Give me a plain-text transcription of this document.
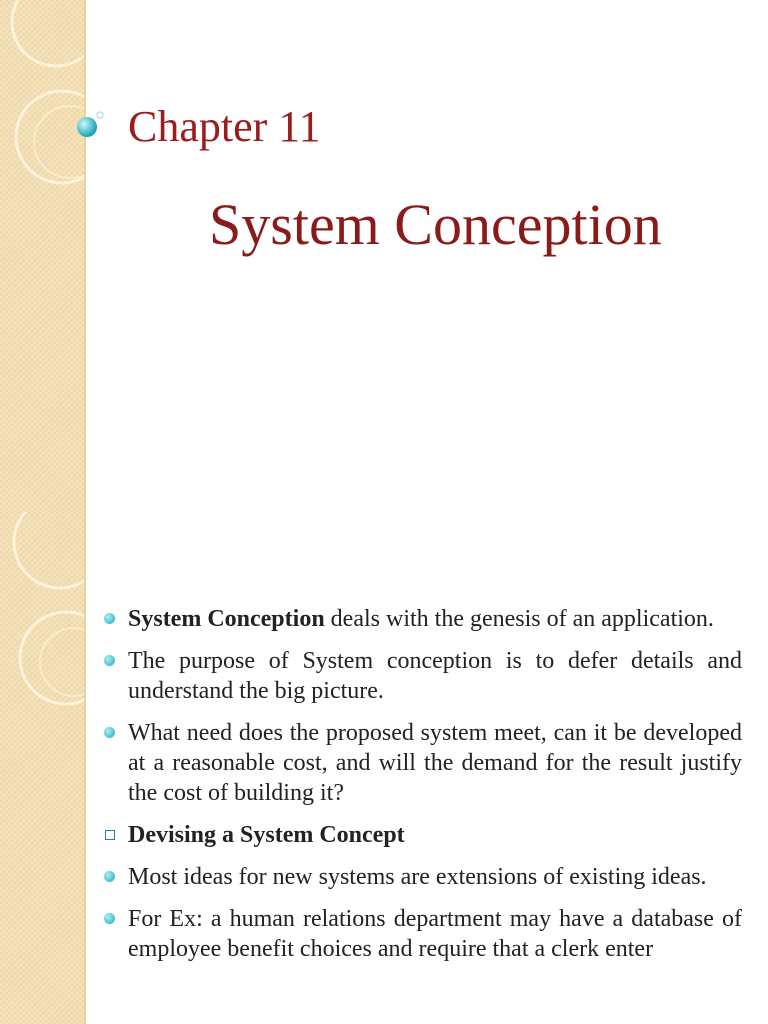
Chapter 11
System Conception
System Conception deals with the genesis of an application.
The purpose of System conception is to defer details and understand the big picture.
What need does the proposed system meet, can it be developed at a reasonable cost, and will the demand for the result justify the cost of building it?
Devising a System Concept
Most ideas for new systems are extensions of existing ideas.
For Ex: a human relations department may have a database of employee benefit choices and require that a clerk enter
